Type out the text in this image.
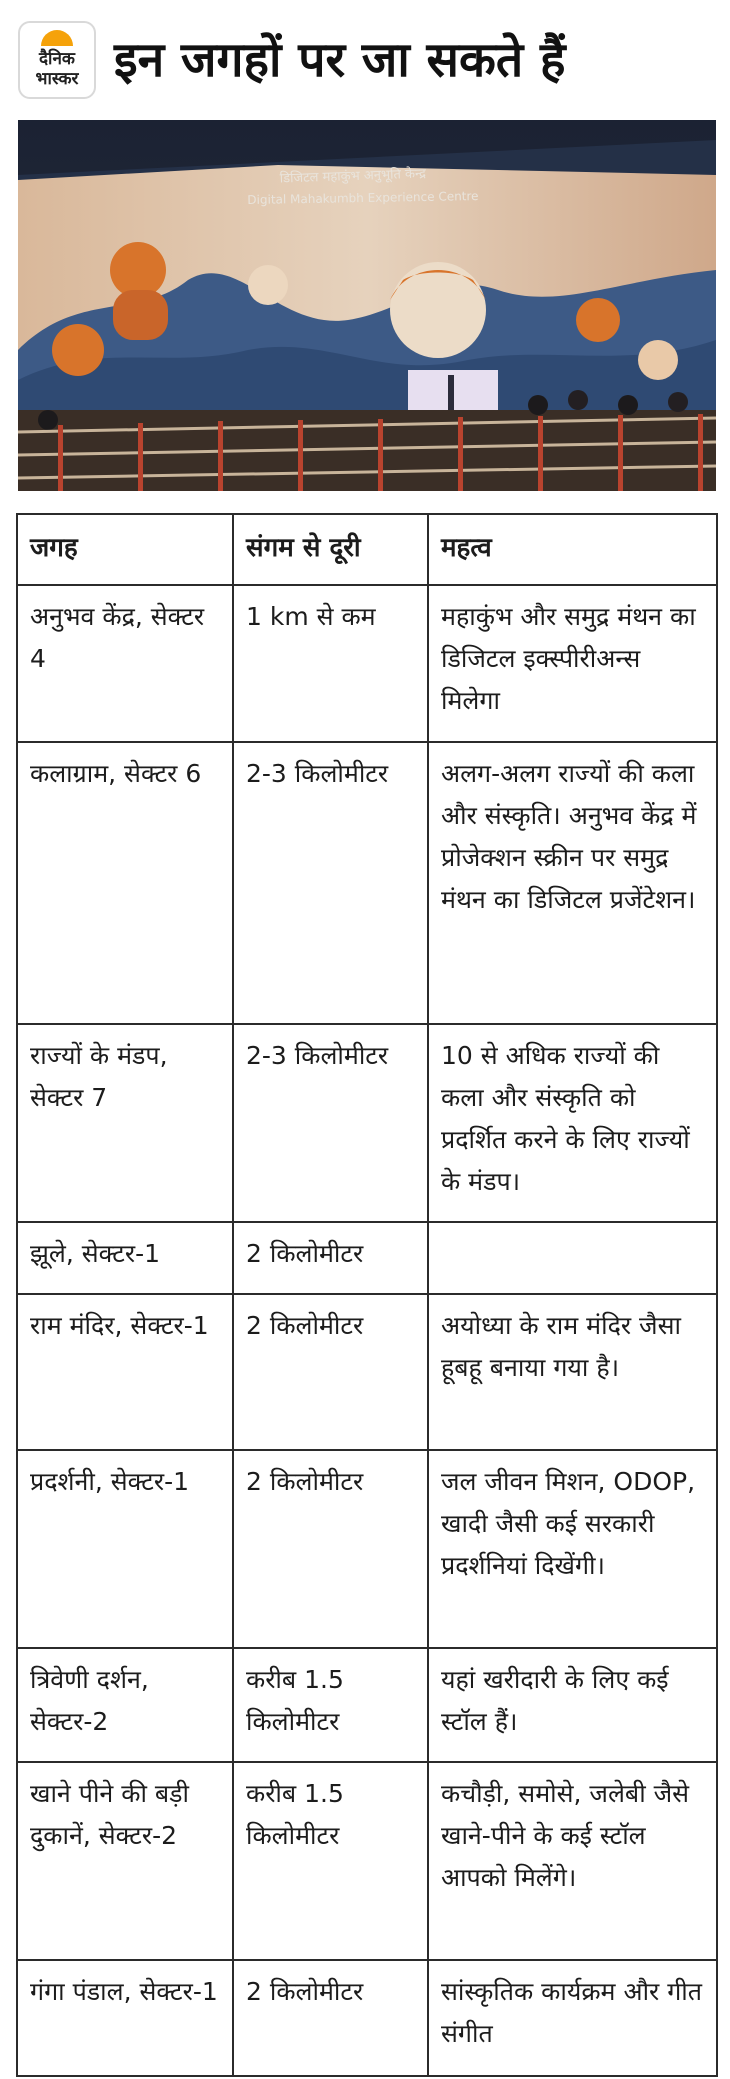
दैनिक
भास्कर इन जगहों पर जा सकते हैं
डिजिटल महाकुंभ अनुभूति केन्द्र
Digital Mahakumbh Experience Centre
जगह	संगम से दूरी	महत्व
अनुभव केंद्र, सेक्टर 4	1 km से कम	महाकुंभ और समुद्र मंथन का डिजिटल इक्स्पीरीअन्स मिलेगा
कलाग्राम, सेक्टर 6	2-3 किलोमीटर	अलग-अलग राज्यों की कला और संस्कृति। अनुभव केंद्र में प्रोजेक्शन स्क्रीन पर समुद्र मंथन का डिजिटल प्रजेंटेशन।
राज्यों के मंडप, सेक्टर 7	2-3 किलोमीटर	10 से अधिक राज्यों की कला और संस्कृति को प्रदर्शित करने के लिए राज्यों के मंडप।
झूले, सेक्टर-1	2 किलोमीटर	
राम मंदिर, सेक्टर-1	2 किलोमीटर	अयोध्या के राम मंदिर जैसा हूबहू बनाया गया है।
प्रदर्शनी, सेक्टर-1	2 किलोमीटर	जल जीवन मिशन, ODOP, खादी जैसी कई सरकारी प्रदर्शनियां दिखेंगी।
त्रिवेणी दर्शन, सेक्टर-2	करीब 1.5 किलोमीटर	यहां खरीदारी के लिए कई स्टॉल हैं।
खाने पीने की बड़ी दुकानें, सेक्टर-2	करीब 1.5 किलोमीटर	कचौड़ी, समोसे, जलेबी जैसे खाने-पीने के कई स्टॉल आपको मिलेंगे।
गंगा पंडाल, सेक्टर-1	2 किलोमीटर	सांस्कृतिक कार्यक्रम और गीत संगीत
